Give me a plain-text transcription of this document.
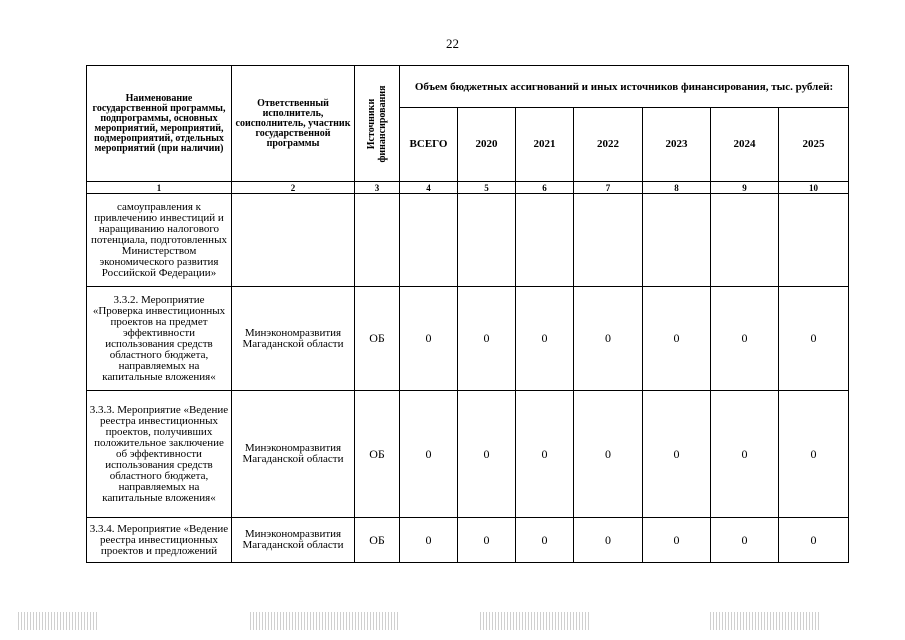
22
Наименование государственной программы, подпрограммы, основных мероприятий, мероприятий, подмероприятий, отдельных мероприятий (при наличии)	Ответственный исполнитель, соисполнитель, участник государственной программы	Источники финансирования	Объем бюджетных ассигнований и иных источников финансирования, тыс. рублей:						
			ВСЕГО	2020	2021	2022	2023	2024	2025
1	2	3	4	5	6	7	8	9	10
самоуправления к привлечению инвестиций и наращиванию налогового потенциала, подготовленных Министерством экономического развития Российской Федерации»									
3.3.2. Мероприятие «Проверка инвестиционных проектов на предмет эффективности использования средств областного бюджета, направляемых на капитальные вложения«	Минэкономразвития Магаданской области	ОБ	0	0	0	0	0	0	0
3.3.3. Мероприятие «Ведение реестра инвестиционных проектов, получивших положительное заключение об эффективности использования средств областного бюджета, направляемых на капитальные вложения«	Минэкономразвития Магаданской области	ОБ	0	0	0	0	0	0	0
3.3.4. Мероприятие «Ведение реестра инвестиционных проектов и предложений	Минэкономразвития Магаданской области	ОБ	0	0	0	0	0	0	0
